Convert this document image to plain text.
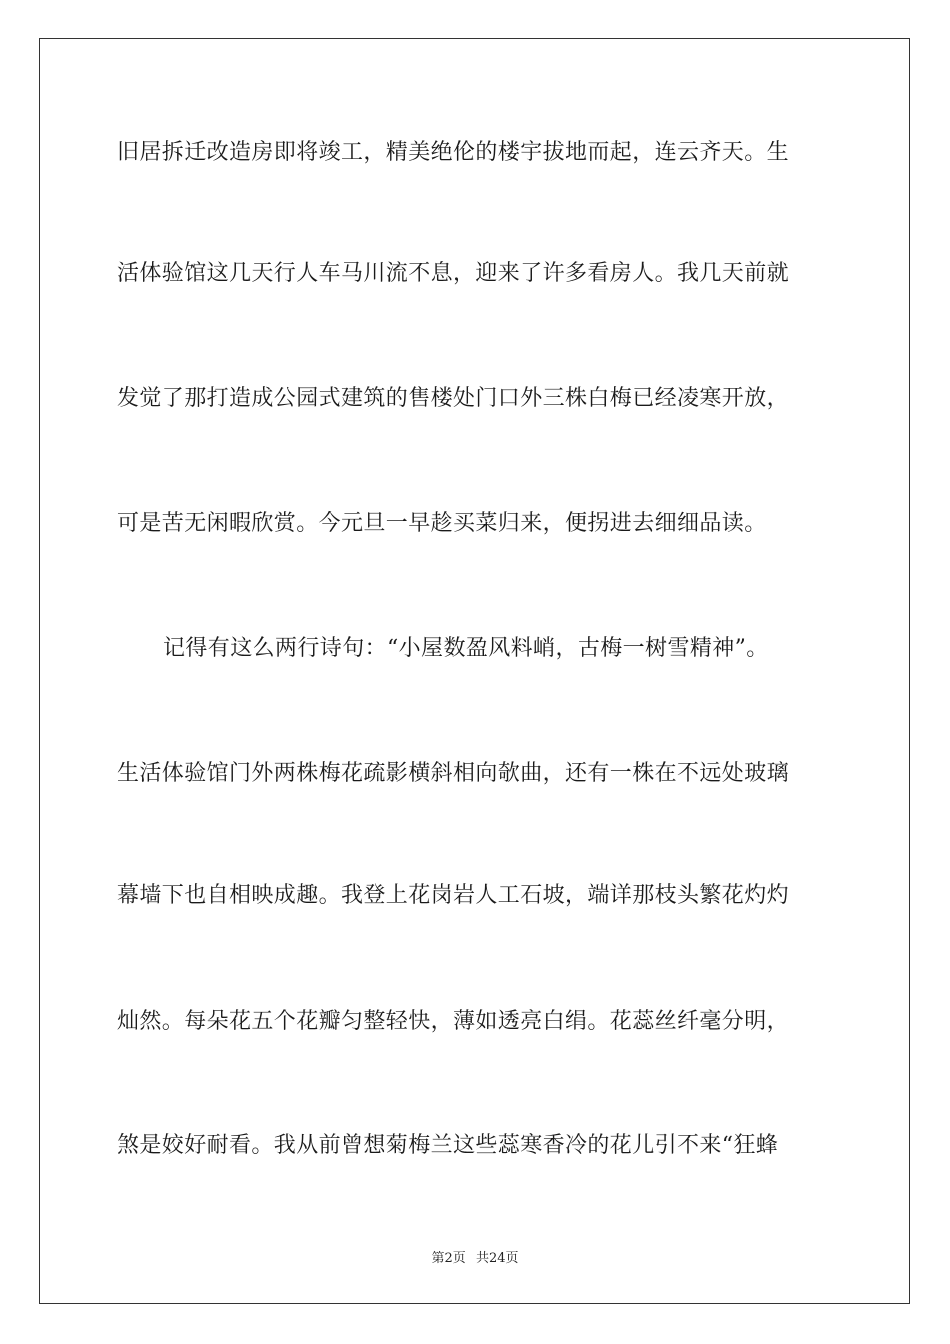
旧居拆迁改造房即将竣工，精美绝伦的楼宇拔地而起，连云齐天。生
活体验馆这几天行人车马川流不息，迎来了许多看房人。我几天前就
发觉了那打造成公园式建筑的售楼处门口外三株白梅已经凌寒开放，
可是苦无闲暇欣赏。今元旦一早趁买菜归来，便拐进去细细品读。
记得有这么两行诗句：“小屋数盈风料峭，古梅一树雪精神”。
生活体验馆门外两株梅花疏影横斜相向欹曲，还有一株在不远处玻璃
幕墙下也自相映成趣。我登上花岗岩人工石坡，端详那枝头繁花灼灼
灿然。每朵花五个花瓣匀整轻快，薄如透亮白绢。花蕊丝纤毫分明，
煞是姣好耐看。我从前曾想菊梅兰这些蕊寒香冷的花儿引不来“狂蜂
第2页 共24页
